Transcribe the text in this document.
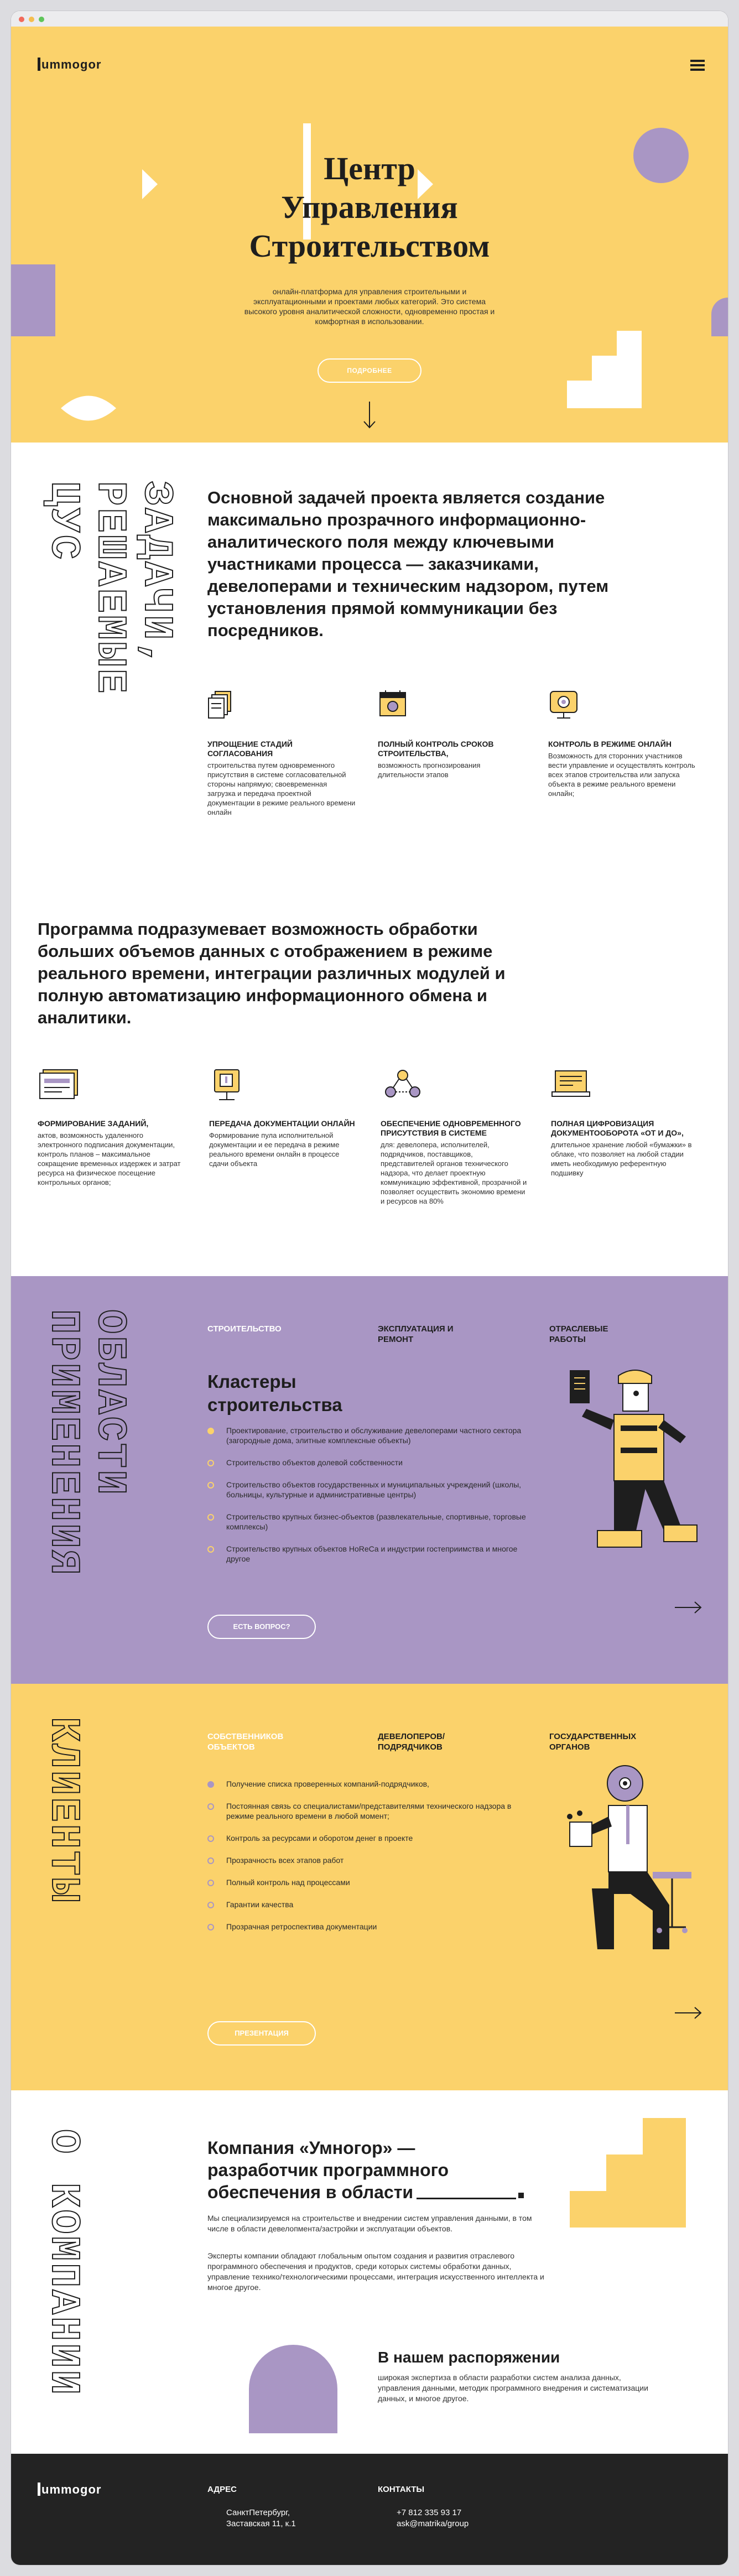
ummogor
Центр
Управления
Строительством
онлайн-платформа для управления строительными и
эксплуатационными и проектами любых категорий. Это система
высокого уровня аналитической сложности, одновременно простая и
комфортная в использовании.
ПОДРОБНЕЕ
ЗАДАЧИ, РЕШАЕМЫЕ ЦУС	Основной задачей проекта является создание максимально прозрачного информационно-аналитического поля между ключевыми участниками процесса — заказчиками, девелоперами и техническим надзором, путем установления прямой коммуникации без посредников.
УПРОЩЕНИЕ СТАДИЙ СОГЛАСОВАНИЯ
строительства путем одновременного присутствия в системе согласовательной стороны напрямую; своевременная загрузка и передача проектной документации в режиме реального времени онлайн
ПОЛНЫЙ КОНТРОЛЬ СРОКОВ СТРОИТЕЛЬСТВА,
возможность прогнозирования длительности этапов
КОНТРОЛЬ В РЕЖИМЕ ОНЛАЙН
Возможность для сторонних участников вести управление и осуществлять контроль всех этапов строительства или запуска объекта в режиме реального времени онлайн;
Программа подразумевает возможность обработки больших объемов данных с отображением в режиме реального времени, интеграции различных модулей и полную автоматизацию информационного обмена и аналитики.
ФОРМИРОВАНИЕ ЗАДАНИЙ,
актов, возможность удаленного электронного подписания документации, контроль планов – максимальное сокращение временных издержек и затрат ресурса на физическое посещение контрольных органов;
ПЕРЕДАЧА ДОКУМЕНТАЦИИ ОНЛАЙН
Формирование пула исполнительной документации и ее передача в режиме реального времени онлайн в процессе сдачи объекта
ОБЕСПЕЧЕНИЕ ОДНОВРЕМЕННОГО ПРИСУТСТВИЯ В СИСТЕМЕ
для: девелопера, исполнителей, подрядчиков, поставщиков, представителей органов технического надзора, что делает проектную коммуникацию эффективной, прозрачной и позволяет осуществить экономию времени и ресурсов на 80%
ПОЛНАЯ ЦИФРОВИЗАЦИЯ ДОКУМЕНТООБОРОТА «ОТ И ДО»,
длительное хранение любой «бумажки» в облаке, что позволяет на любой стадии иметь необходимую референтную подшивку
ОБЛАСТИ ПРИМЕНЕНИЯ	СТРОИТЕЛЬСТВО	ЭКСПЛУАТАЦИЯ И РЕМОНТ
ОТРАСЛЕВЫЕ РАБОТЫ
Кластеры
строительства
Проектирование, строительство и обслуживание девелоперами частного сектора (загородные дома, элитные комплексные объекты)
Строительство объектов долевой собственности
Строительство объектов государственных и муниципальных учреждений (школы, больницы, культурные и административные центры)
Строительство крупных бизнес-объектов (развлекательные, спортивные, торговые комплексы)
Строительство крупных объектов HoReCa и индустрии гостеприимства и многое другое
ЕСТЬ ВОПРОС?
КЛИЕНТЫ	СОБСТВЕННИКОВ ОБЪЕКТОВ
ДЕВЕЛОПЕРОВ/ ПОДРЯДЧИКОВ
ГОСУДАРСТВЕННЫХ ОРГАНОВ
Получение списка проверенных компаний-подрядчиков,
Постоянная связь со специалистами/представителями технического надзора в режиме реального времени в любой момент;
Контроль за ресурсами и оборотом денег в проекте
Прозрачность всех этапов работ
Полный контроль над процессами
Гарантии качества
Прозрачная ретроспектива документации
ПРЕЗЕНТАЦИЯ
О КОМПАНИИ	Компания «Умногор» —
разработчик программного
обеспечения в области
Мы специализируемся на строительстве и внедрении систем управления данными, в том числе в области девелопмента/застройки и эксплуатации объектов.
Эксперты компании обладают глобальным опытом создания и развития отраслевого программного обеспечения и продуктов, среди которых системы обработки данных, управление технико/технологическими процессами, интеграция искусственного интеллекта и многое другое.
В нашем распоряжении
широкая экспертиза в области разработки систем анализа данных, управления данными, методик программного внедрения и систематизации данных, и многое другое.
ummogor	АДРЕС
СанктПетербург,
Заставская 11, к.1
КОНТАКТЫ
+7 812 335 93 17
ask@matrika/group
